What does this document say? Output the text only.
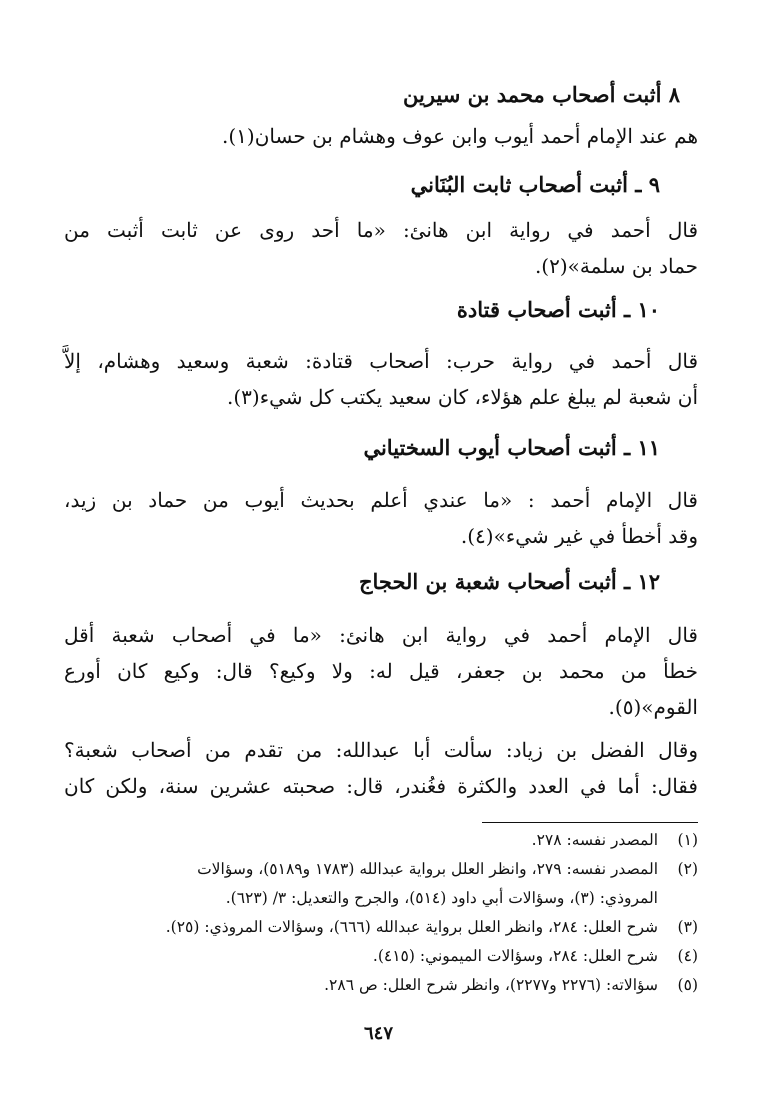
٨ أثبت أصحاب محمد بن سيرين
هم عند الإمام أحمد أيوب وابن عوف وهشام بن حسان(١).
٩ ـ أثبت أصحاب ثابت البُنَاني
قال أحمد في رواية ابن هانئ: «ما أحد روى عن ثابت أثبت من
حماد بن سلمة»(٢).
١٠ ـ أثبت أصحاب قتادة
قال أحمد في رواية حرب: أصحاب قتادة: شعبة وسعيد وهشام، إلاَّ
أن شعبة لم يبلغ علم هؤلاء، كان سعيد يكتب كل شيء(٣).
١١ ـ أثبت أصحاب أيوب السختياني
قال الإمام أحمد : «ما عندي أعلم بحديث أيوب من حماد بن زيد،
وقد أخطأ في غير شيء»(٤).
١٢ ـ أثبت أصحاب شعبة بن الحجاج
قال الإمام أحمد في رواية ابن هانئ: «ما في أصحاب شعبة أقل
خطأ من محمد بن جعفر، قيل له: ولا وكيع؟ قال: وكيع كان أورع
القوم»(٥).
وقال الفضل بن زياد: سألت أبا عبدالله: من تقدم من أصحاب شعبة؟
فقال: أما في العدد والكثرة فغُندر، قال: صحبته عشرين سنة، ولكن كان

(١)
المصدر نفسه: ٢٧٨.

(٢)
المصدر نفسه: ٢٧٩، وانظر العلل برواية عبدالله (١٧٨٣ و٥١٨٩)، وسؤالات

المروذي: (٣)، وسؤالات أبي داود (٥١٤)، والجرح والتعديل: ٣/ (٦٢٣).

(٣)
شرح العلل: ٢٨٤، وانظر العلل برواية عبدالله (٦٦٦)، وسؤالات المروذي: (٢٥).

(٤)
شرح العلل: ٢٨٤، وسؤالات الميموني: (٤١٥).

(٥)
سؤالاته: (٢٢٧٦ و٢٢٧٧)، وانظر شرح العلل: ص ٢٨٦.

٦٤٧
